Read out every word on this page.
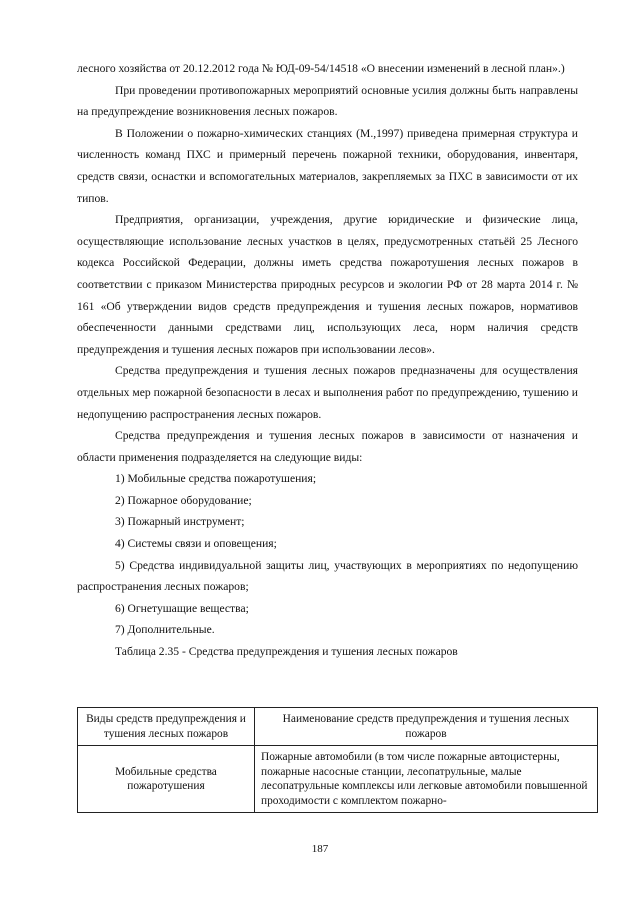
лесного хозяйства от 20.12.2012 года № ЮД-09-54/14518 «О внесении изменений в лесной план».)

При проведении противопожарных мероприятий основные усилия должны быть направлены на предупреждение возникновения лесных пожаров.

В Положении о пожарно-химических станциях (М.,1997) приведена примерная структура и численность команд ПХС и примерный перечень пожарной техники, оборудования, инвентаря, средств связи, оснастки и вспомогательных материалов, закрепляемых за ПХС в зависимости от их типов.

Предприятия, организации, учреждения, другие юридические и физические лица, осуществляющие использование лесных участков в целях, предусмотренных статьёй 25 Лесного кодекса Российской Федерации, должны иметь средства пожаротушения лесных пожаров в соответствии с приказом Министерства природных ресурсов и экологии РФ от 28 марта 2014 г. № 161 «Об утверждении видов средств предупреждения и тушения лесных пожаров, нормативов обеспеченности данными средствами лиц, использующих леса, норм наличия средств предупреждения и тушения лесных пожаров при использовании лесов».

Средства предупреждения и тушения лесных пожаров предназначены для осуществления отдельных мер пожарной безопасности в лесах и выполнения работ по предупреждению, тушению и недопущению распространения лесных пожаров.

Средства предупреждения и тушения лесных пожаров в зависимости от назначения и области применения подразделяется на следующие виды:

1) Мобильные средства пожаротушения;

2) Пожарное оборудование;

3) Пожарный инструмент;

4) Системы связи и оповещения;

5) Средства индивидуальной защиты лиц, участвующих в мероприятиях по недопущению распространения лесных пожаров;

6) Огнетушащие вещества;

7) Дополнительные.

Таблица 2.35 - Средства предупреждения и тушения лесных пожаров

Виды средств предупреждения и тушения лесных пожаров	Наименование средств предупреждения и тушения лесных пожаров
Мобильные средства пожаротушения	Пожарные автомобили (в том числе пожарные автоцистерны, пожарные насосные станции, лесопатрульные, малые лесопатрульные комплексы или легковые автомобили повышенной проходимости с комплектом пожарно-
187
